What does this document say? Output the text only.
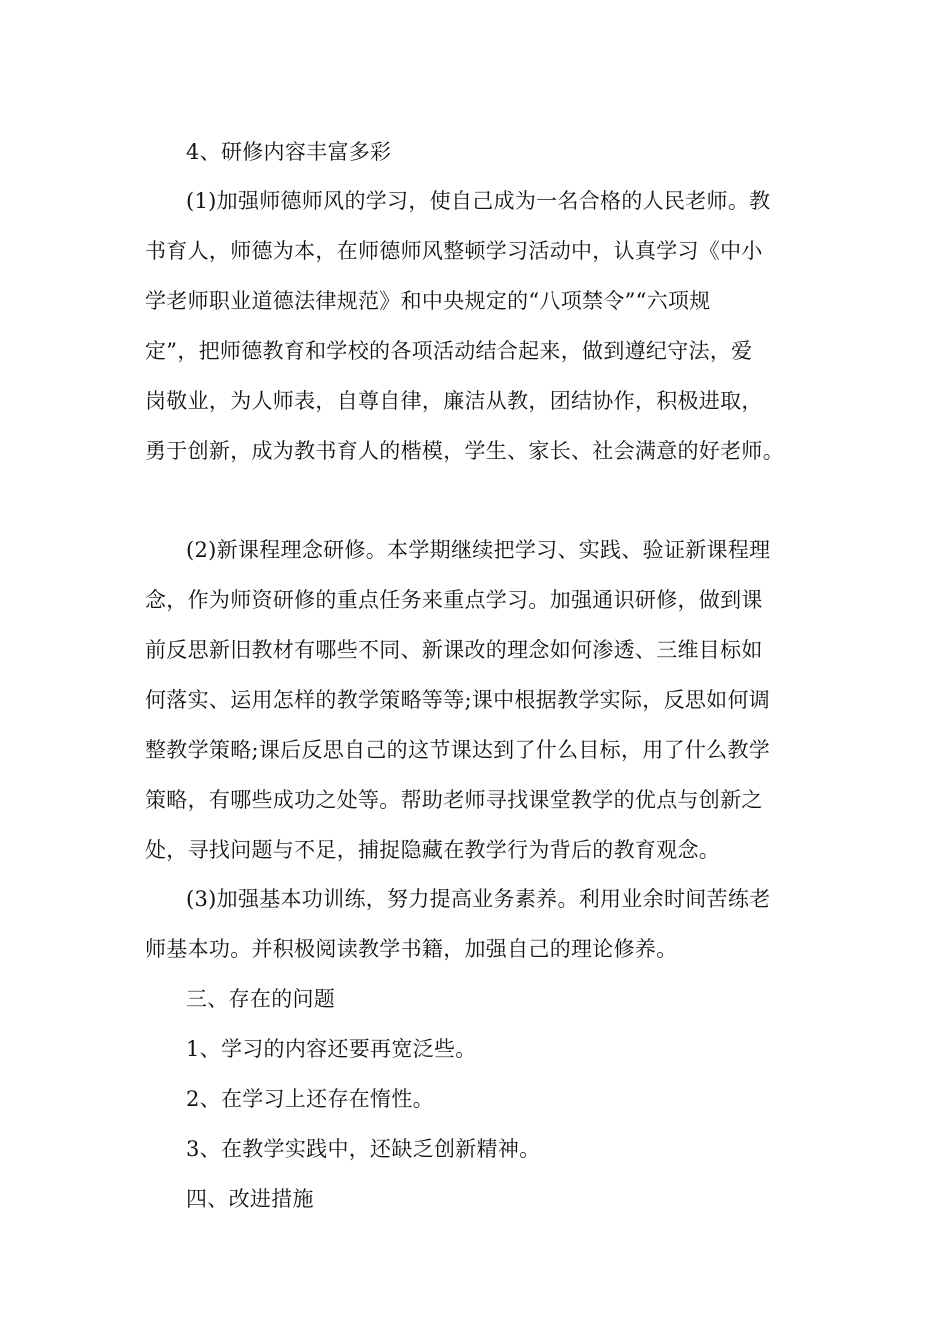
4、研修内容丰富多彩
(1)加强师德师风的学习，使自己成为一名合格的人民老师。教
书育人，师德为本，在师德师风整顿学习活动中，认真学习《中小
学老师职业道德法律规范》和中央规定的“八项禁令”“六项规
定”，把师德教育和学校的各项活动结合起来，做到遵纪守法，爱
岗敬业，为人师表，自尊自律，廉洁从教，团结协作，积极进取，
勇于创新，成为教书育人的楷模，学生、家长、社会满意的好老师。
(2)新课程理念研修。本学期继续把学习、实践、验证新课程理
念，作为师资研修的重点任务来重点学习。加强通识研修，做到课
前反思新旧教材有哪些不同、新课改的理念如何渗透、三维目标如
何落实、运用怎样的教学策略等等;课中根据教学实际，反思如何调
整教学策略;课后反思自己的这节课达到了什么目标，用了什么教学
策略，有哪些成功之处等。帮助老师寻找课堂教学的优点与创新之
处，寻找问题与不足，捕捉隐藏在教学行为背后的教育观念。
(3)加强基本功训练，努力提高业务素养。利用业余时间苦练老
师基本功。并积极阅读教学书籍，加强自己的理论修养。
三、存在的问题
1、学习的内容还要再宽泛些。
2、在学习上还存在惰性。
3、在教学实践中，还缺乏创新精神。
四、改进措施
